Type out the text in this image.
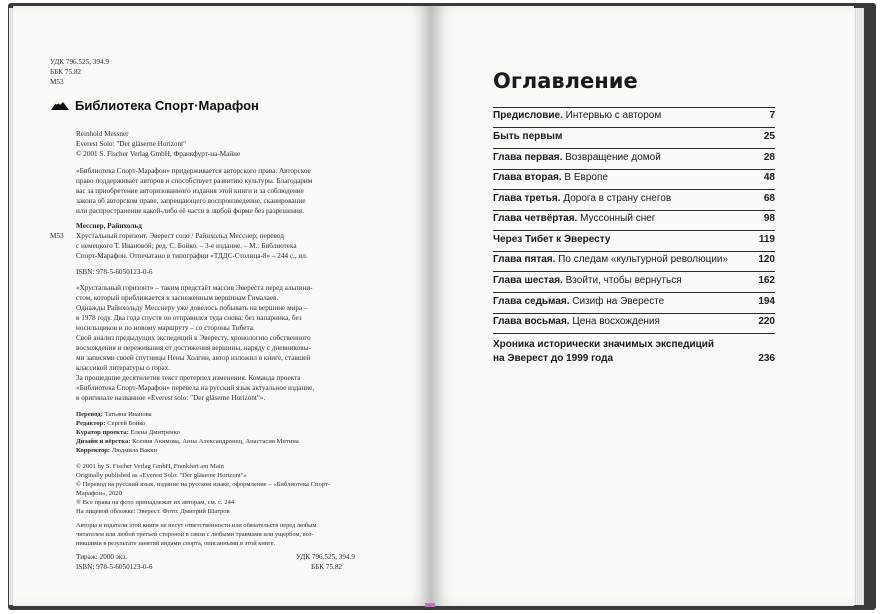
УДК 796.525, 394.9
ББК 75.82
M53
Библиотека Спорт·Марафон
Reinhold Messner
Everest Solo: "Der gläserne Horizont"
© 2001 S. Fischer Verlag GmbH, Франкфурт-на-Майне
«Библиотека Спорт-Марафон» придерживается авторского права. Авторское
право поддерживает авторов и способствует развитию культуры. Благодарим
вас за приобретение авторизованного издания этой книги и за соблюдение
закона об авторском праве, запрещающего воспроизведение, сканирование
или распространение какой-либо её части в любой форме без разрешения.
Месснер, Райнхольд
M53	Хрустальный горизонт. Эверест соло / Райнхольд Месснер; перевод
с немецкого Т. Ивановой; ред. С. Бойко. – 3-е издание. – М.: Библиотека
Спорт-Марафон. Отпечатано в типографии «ТДДС-Столица-8» – 244 с., ил.
ISBN: 978-5-6050123-0-6
«Хрустальный горизонт» – таким предстаёт массив Эвереста перед альпини-
стом, который приближается к заснеженным вершинам Гималаев.
Однажды Райнхольду Месснеру уже довелось побывать на вершине мира –
в 1978 году. Два года спустя он отправился туда снова: без напарника, без
носильщиков и по новому маршруту – со стороны Тибета.
Свой анализ предыдущих экспедиций к Эвересту, хронологию собственного
восхождения и переживания от достижения вершины, наряду с дневниковы-
ми записями своей спутницы Нены Холгин, автор изложил в книге, ставшей
классикой литературы о горах.
За прошедшие десятилетия текст претерпел изменения. Команда проекта
«Библиотека Спорт-Марафон» перевела на русский язык актуальное издание,
в оригинале названное «Everest solo: "Der gläserne Horizont"».
Перевод: Татьяна Иванова
Редактор: Сергей Бойко
Куратор проекта: Елена Дмитренко
Дизайн и вёрстка: Ксения Акимова, Анна Александронец, Анастасия Митина
Корректор: Людмила Ваккн
© 2001 by S. Fischer Verlag GmbH, Frankfurt am Main
Originally published as «Everest Solo: "Der gläserne Horizont"»
© Перевод на русский язык, издание на русском языке, оформление – «Библиотека Спорт-
Марафон», 2020
® Все права на фото принадлежат их авторам, см. с. 244
На лицевой обложке: Эверест. Фото: Дмитрий Шатров
Авторы и издатели этой книги не несут ответственности или обязательств перед любым
читателем или любой третьей стороной в связи с любыми травмами или ущербом, воз-
никшими в результате занятий видами спорта, описанными в этой книге.
Тираж: 2000 экз.
ISBN: 978-5-6050123-0-6
УДК 796.525, 394.9
ББК 75.82
Оглавление
Предисловие. Интервью с автором	7
Быть первым	25
Глава первая. Возвращение домой	28
Глава вторая. В Европе	48
Глава третья. Дорога в страну снегов	68
Глава четвёртая. Муссонный снег	98
Через Тибет к Эвересту	119
Глава пятая. По следам «культурной революции»	120
Глава шестая. Взойти, чтобы вернуться	162
Глава седьмая. Сизиф на Эвересте	194
Глава восьмая. Цена восхождения	220
Хроника исторически значимых экспедиций
на Эверест до 1999 года	236
